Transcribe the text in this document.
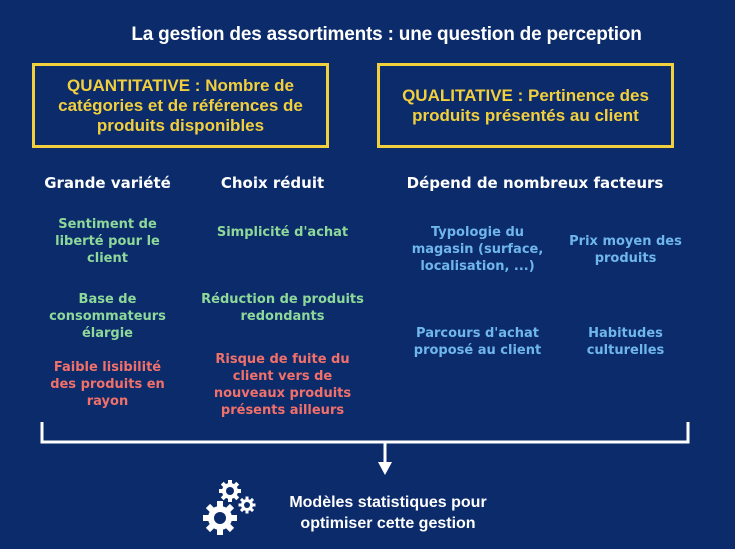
La gestion des assortiments : une question de perception
QUANTITATIVE : Nombre de catégories et de références de produits disponibles
QUALITATIVE : Pertinence des produits présentés au client
Grande variété	Choix réduit	Dépend de nombreux facteurs
Sentiment de liberté pour le client
Base de consommateurs élargie
Faible lisibilité des produits en rayon
Simplicité d'achat
Réduction de produits redondants
Risque de fuite du client vers de nouveaux produits présents ailleurs
Typologie du magasin (surface, localisation, ...)
Prix moyen des produits
Parcours d'achat proposé au client
Habitudes culturelles
Modèles statistiques pour optimiser cette gestion
